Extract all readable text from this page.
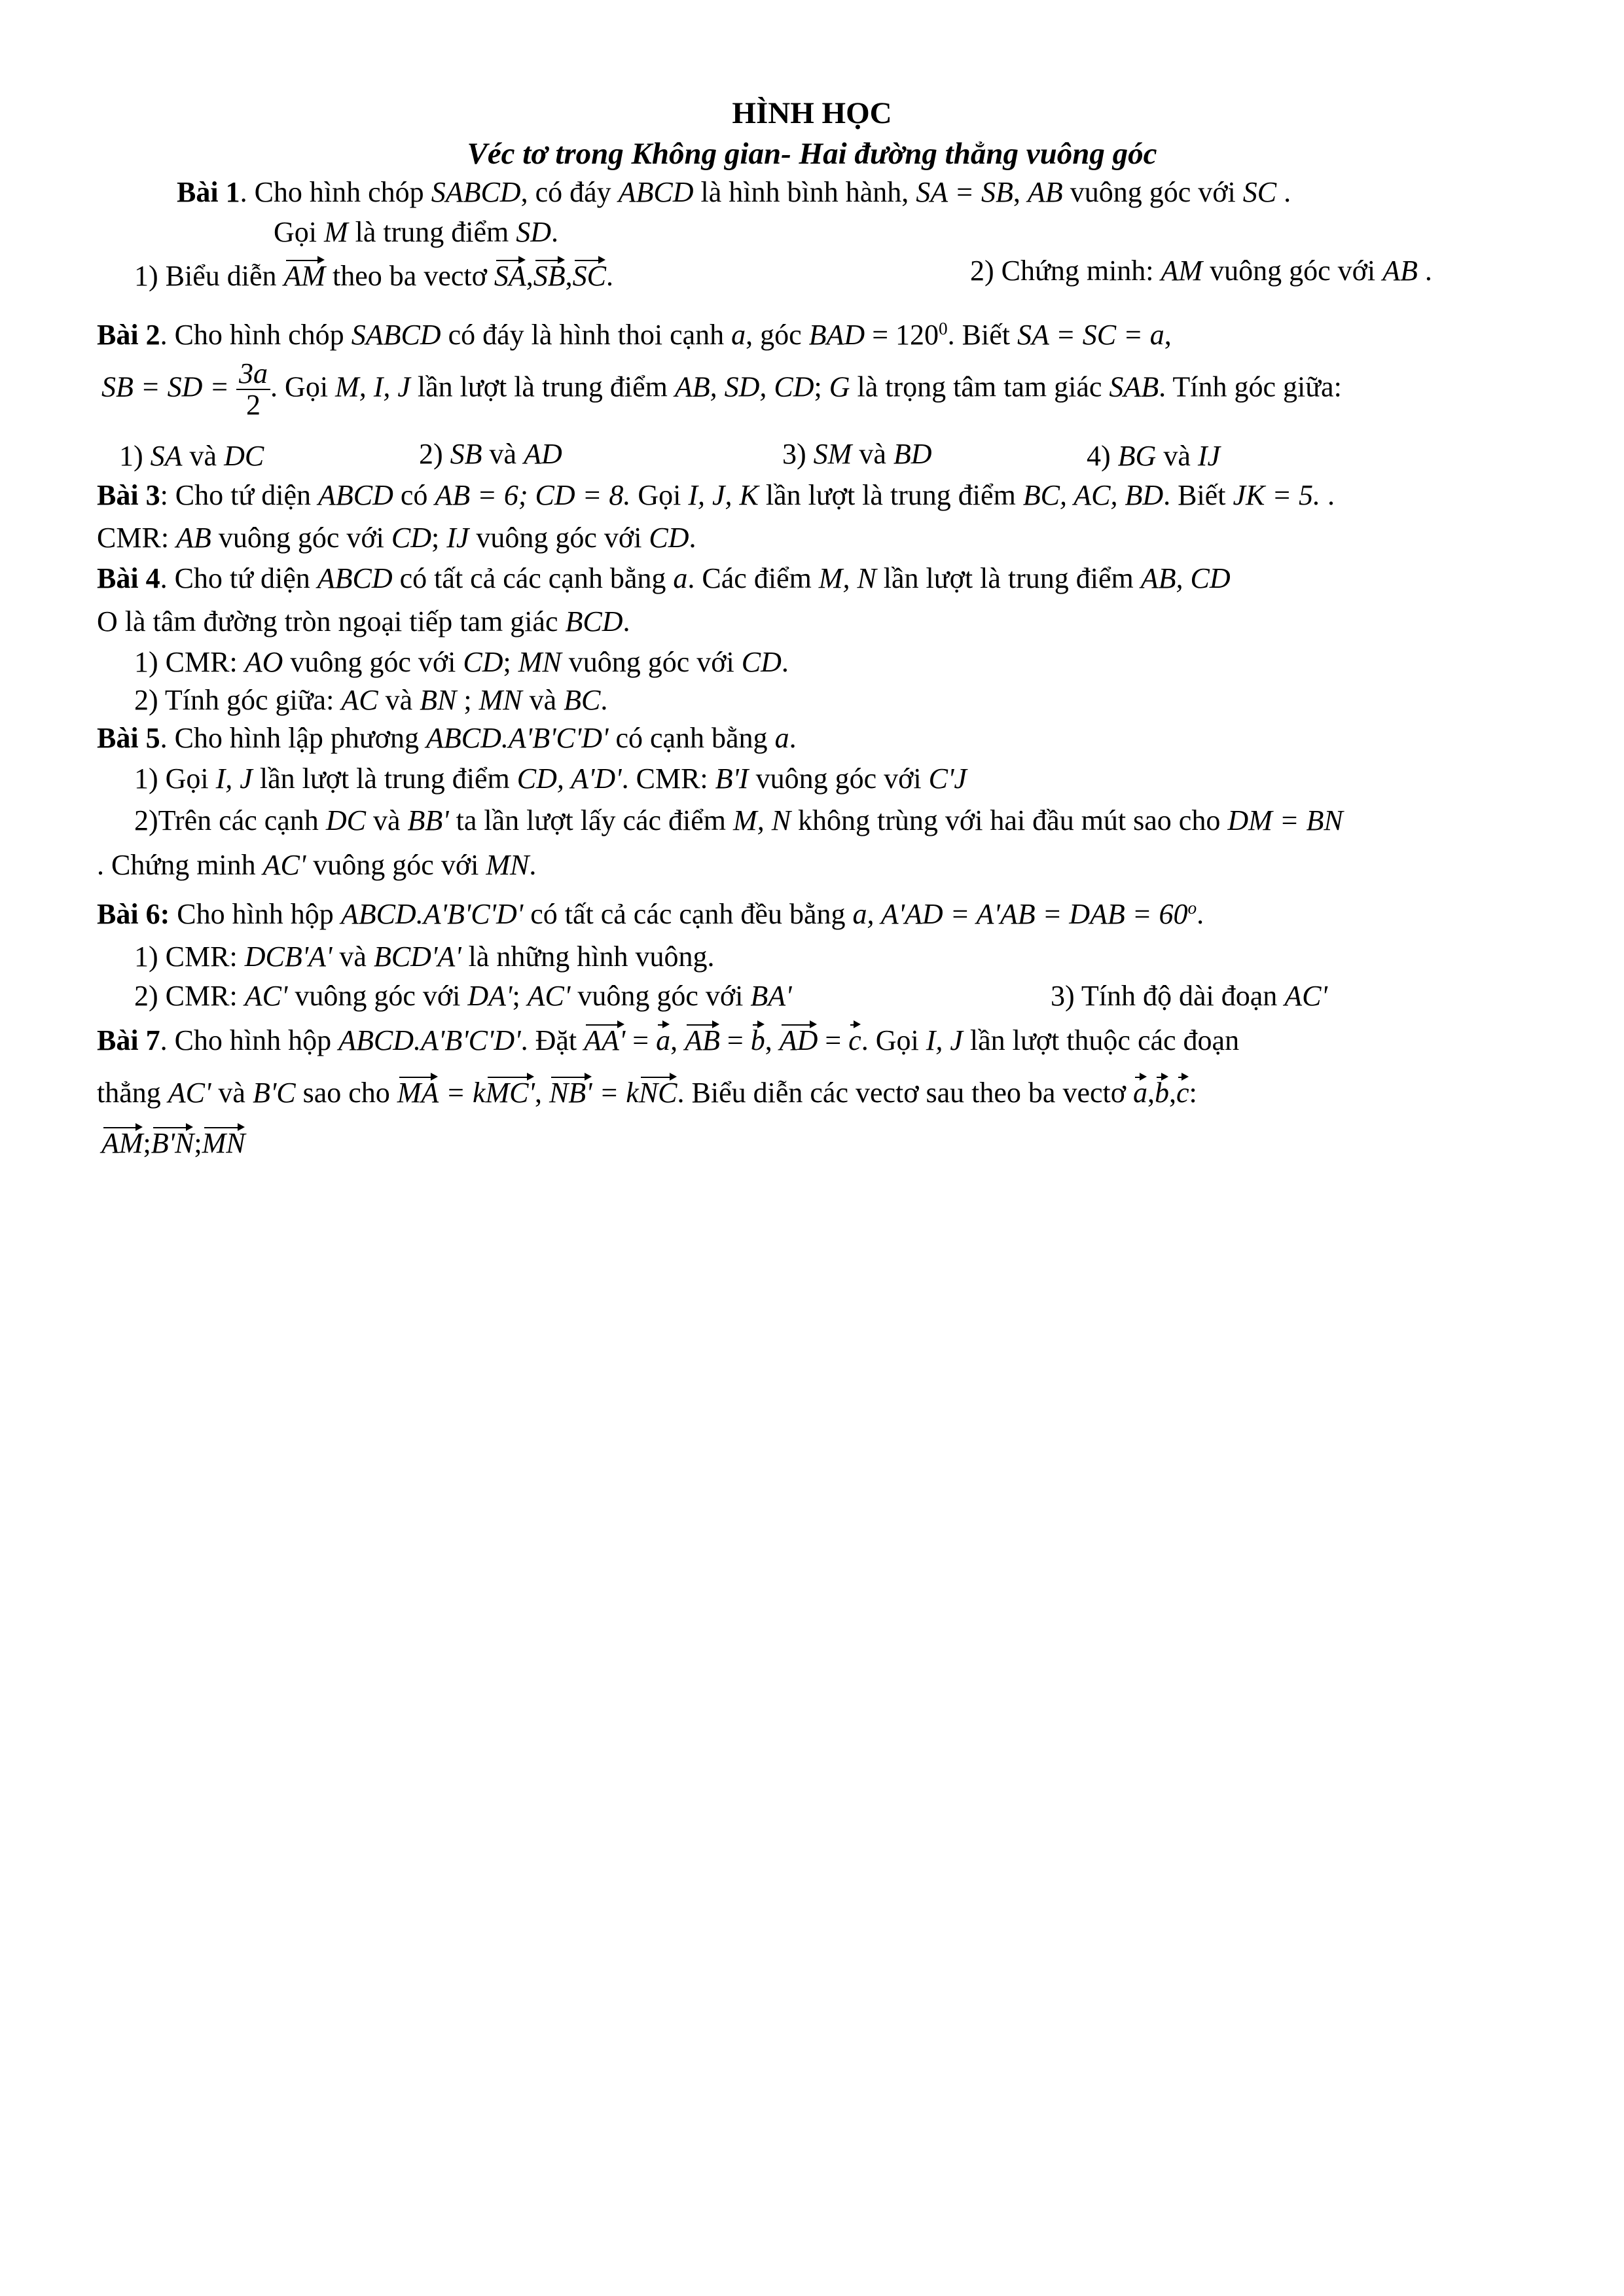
HÌNH HỌC
Véc tơ trong Không gian- Hai đường thẳng vuông góc
Bài 1. Cho hình chóp SABCD, có đáy ABCD là hình bình hành, SA = SB, AB vuông góc với SC .
Gọi M là trung điểm SD.
1) Biểu diễn AM theo ba vectơ SA,SB,SC.	2) Chứng minh: AM vuông góc với AB .
Bài 2. Cho hình chóp SABCD có đáy là hình thoi cạnh a, góc BAD = $120^0$. Biết SA = SC = a,
SB = SD = $\frac{3a}{2}$ . Gọi M, I, J lần lượt là trung điểm AB, SD, CD; G là trọng tâm tam giác SAB. Tính góc giữa:
1) SA và DC	2) SB và AD	3) SM và BD	4) BG và IJ
Bài 3: Cho tứ diện ABCD có AB = 6; CD = 8. Gọi I, J, K lần lượt là trung điểm BC, AC, BD. Biết JK = 5. .
CMR: AB vuông góc với CD; IJ vuông góc với CD.
Bài 4. Cho tứ diện ABCD có tất cả các cạnh bằng a. Các điểm M, N lần lượt là trung điểm AB, CD
O là tâm đường tròn ngoại tiếp tam giác BCD.
1) CMR: AO vuông góc với CD; MN vuông góc với CD.
2) Tính góc giữa: AC và BN ; MN và BC.
Bài 5. Cho hình lập phương ABCD.A'B'C'D' có cạnh bằng a.
1) Gọi I, J lần lượt là trung điểm CD, A'D'. CMR: B'I vuông góc với C'J
2)Trên các cạnh DC và BB' ta lần lượt lấy các điểm M, N không trùng với hai đầu mút sao cho DM = BN
. Chứng minh AC' vuông góc với MN.
Bài 6: Cho hình hộp ABCD.A'B'C'D' có tất cả các cạnh đều bằng a, A'AD = A'AB = DAB = $60^o$.
1) CMR: DCB'A' và BCD'A' là những hình vuông.
2) CMR: AC' vuông góc với DA'; AC' vuông góc với BA'	3) Tính độ dài đoạn AC'
Bài 7. Cho hình hộp ABCD.A'B'C'D'. Đặt AA' = a, AB = b, AD = c. Gọi I, J lần lượt thuộc các đoạn
thẳng AC' và B'C sao cho MA = kMC', NB' = kNC. Biểu diễn các vectơ sau theo ba vectơ a,b,c:
AM;B'N;MN
